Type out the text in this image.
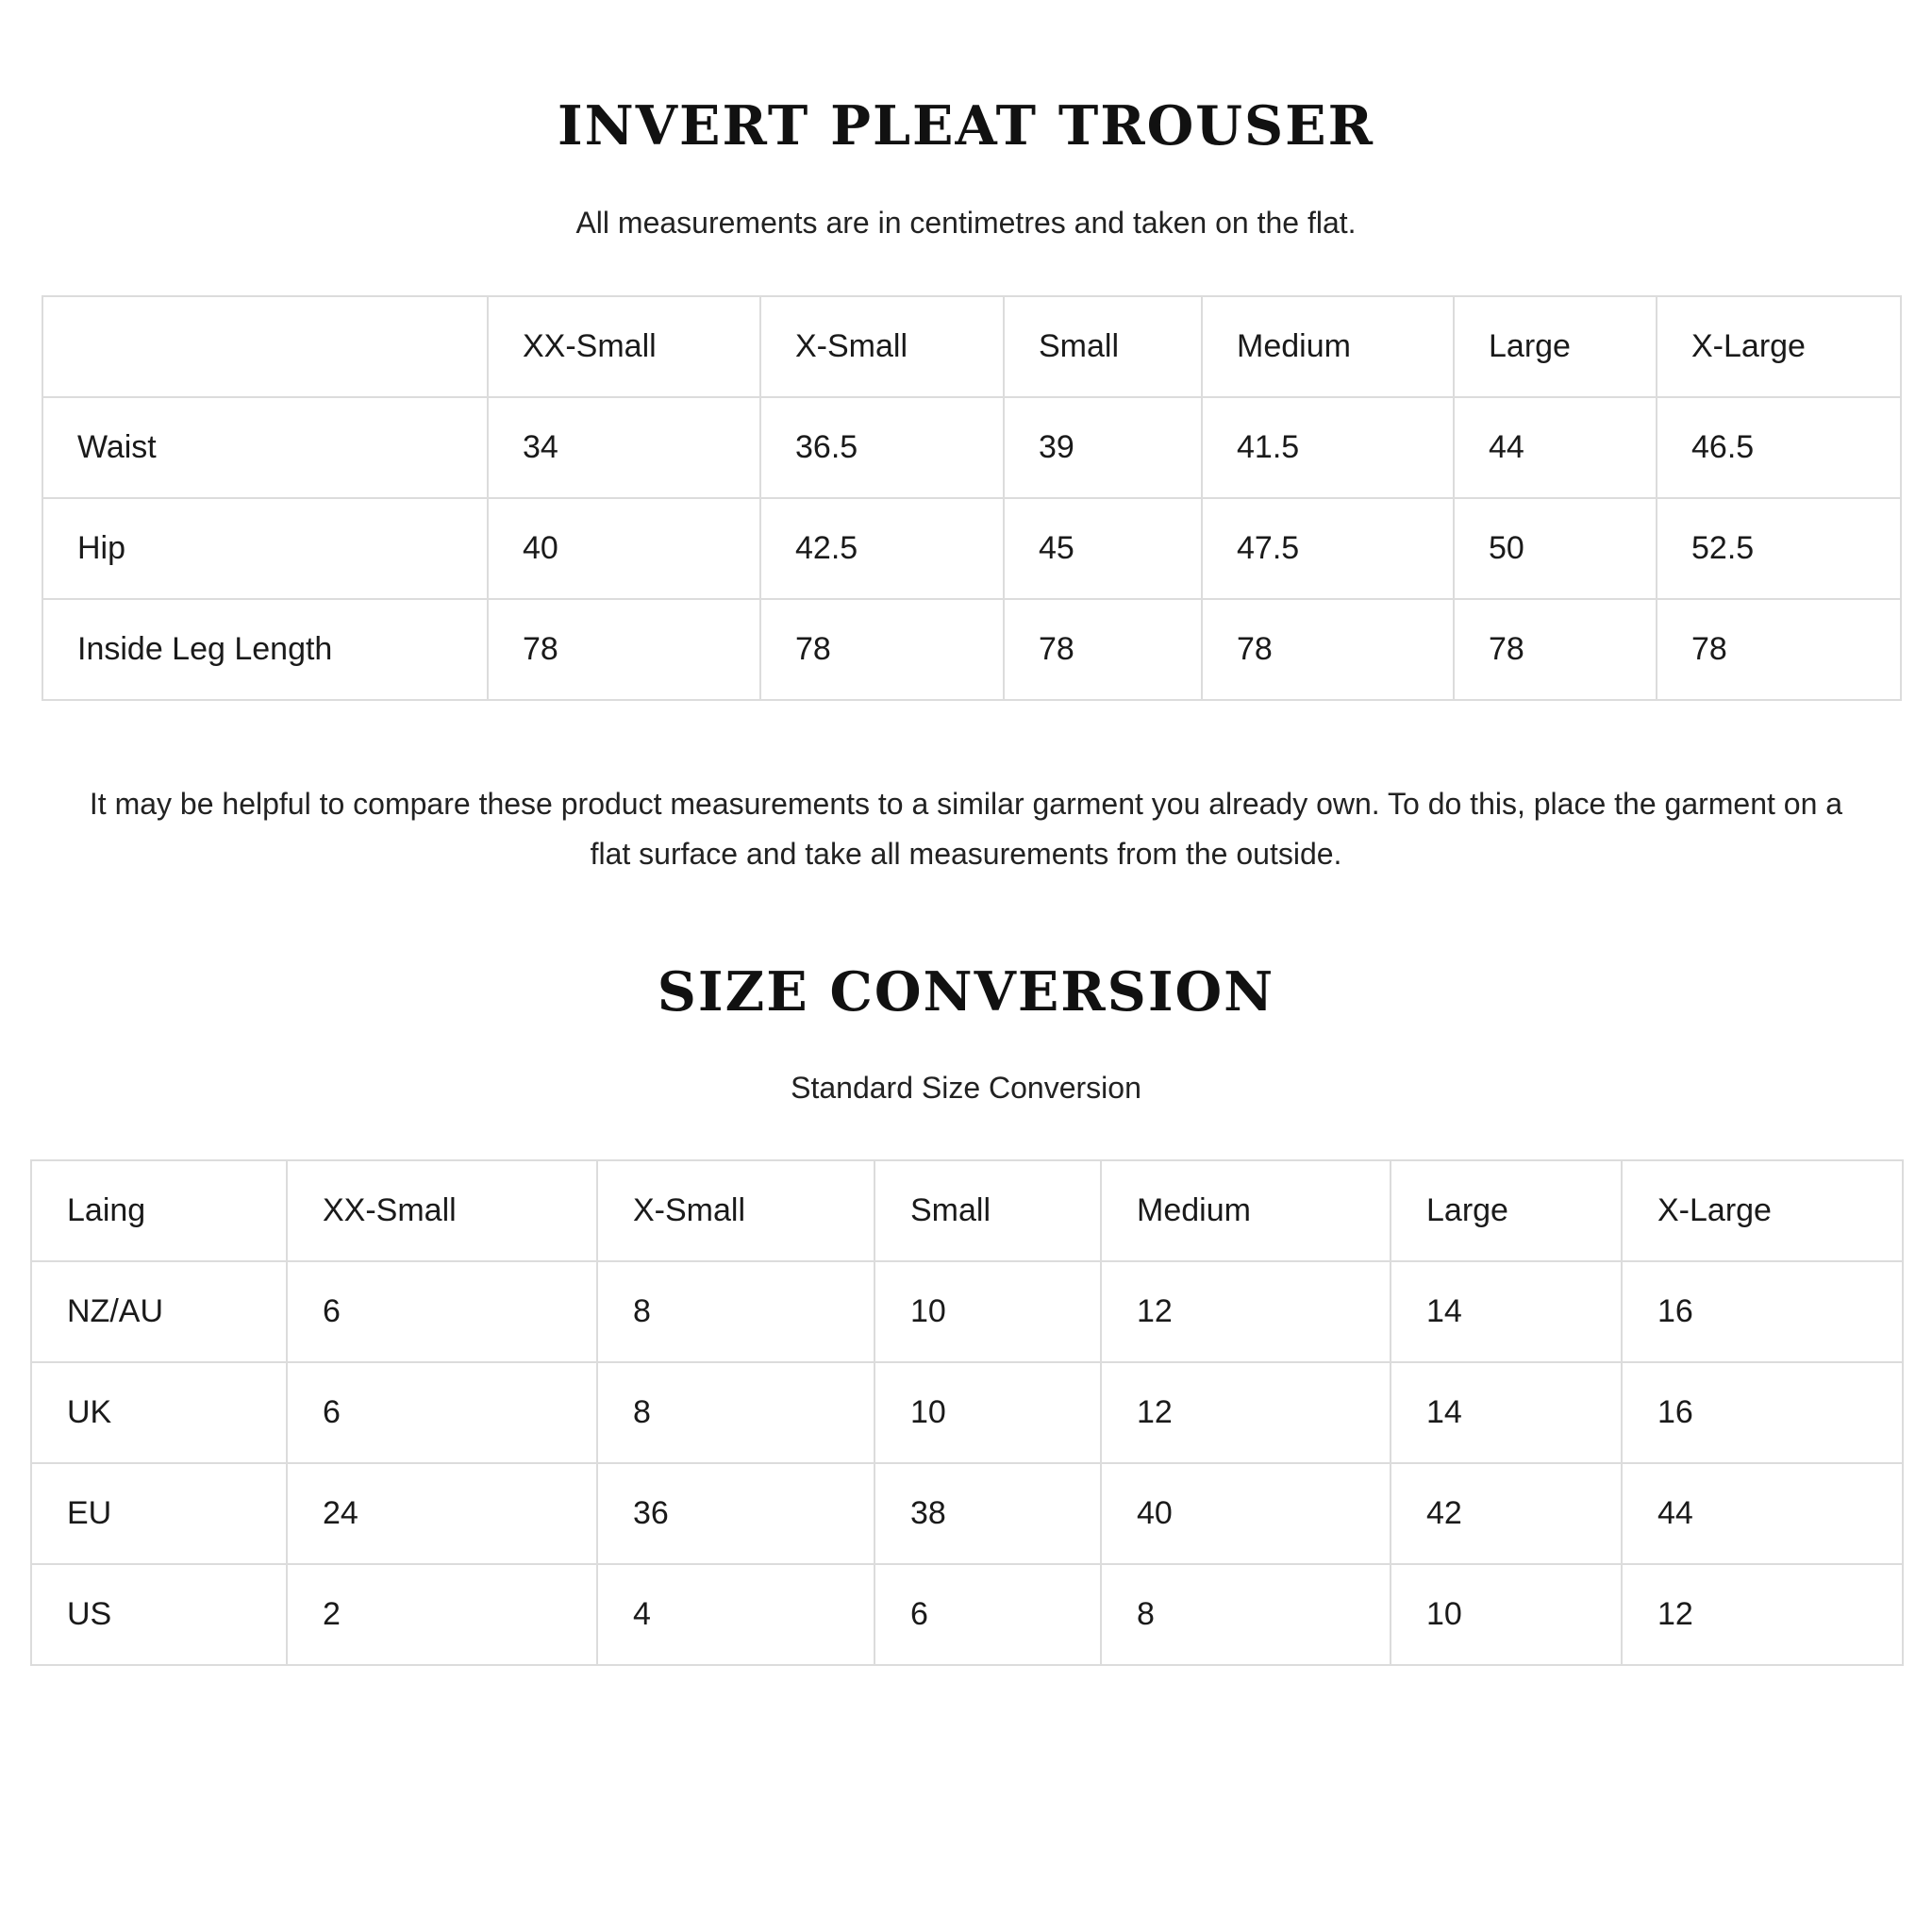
INVERT PLEAT TROUSER

All measurements are in centimetres and taken on the flat.

	XX-Small	X-Small	Small	Medium	Large	X-Large
Waist	34	36.5	39	41.5	44	46.5
Hip	40	42.5	45	47.5	50	52.5
Inside Leg Length	78	78	78	78	78	78

It may be helpful to compare these product measurements to a similar garment you already own. To do this, place the garment on a flat surface and take all measurements from the outside.

SIZE CONVERSION

Standard Size Conversion

Laing	XX-Small	X-Small	Small	Medium	Large	X-Large
NZ/AU	6	8	10	12	14	16
UK	6	8	10	12	14	16
EU	24	36	38	40	42	44
US	2	4	6	8	10	12
